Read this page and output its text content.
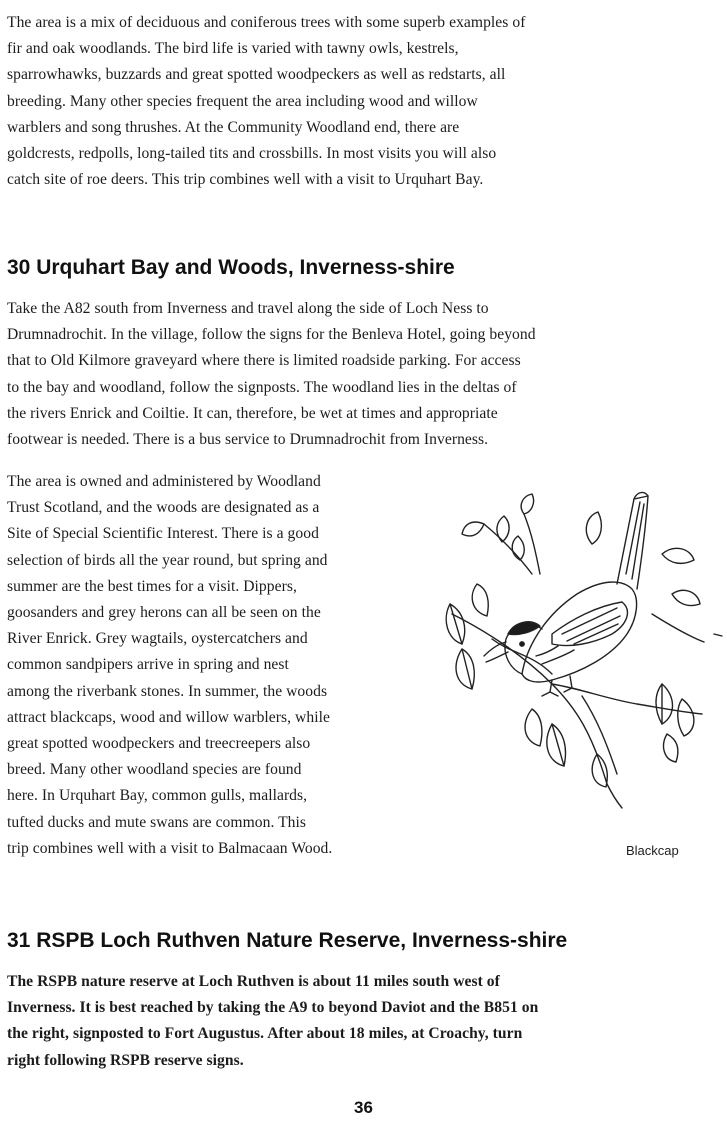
The area is a mix of deciduous and coniferous trees with some superb examples of
fir and oak woodlands. The bird life is varied with tawny owls, kestrels,
sparrowhawks, buzzards and great spotted woodpeckers as well as redstarts, all
breeding. Many other species frequent the area including wood and willow
warblers and song thrushes. At the Community Woodland end, there are
goldcrests, redpolls, long-tailed tits and crossbills. In most visits you will also
catch site of roe deers. This trip combines well with a visit to Urquhart Bay.

30 Urquhart Bay and Woods, Inverness-shire

Take the A82 south from Inverness and travel along the side of Loch Ness to
Drumnadrochit. In the village, follow the signs for the Benleva Hotel, going beyond
that to Old Kilmore graveyard where there is limited roadside parking. For access
to the bay and woodland, follow the signposts. The woodland lies in the deltas of
the rivers Enrick and Coiltie. It can, therefore, be wet at times and appropriate
footwear is needed. There is a bus service to Drumnadrochit from Inverness.

The area is owned and administered by Woodland
Trust Scotland, and the woods are designated as a
Site of Special Scientific Interest. There is a good
selection of birds all the year round, but spring and
summer are the best times for a visit. Dippers,
goosanders and grey herons can all be seen on the
River Enrick. Grey wagtails, oystercatchers and
common sandpipers arrive in spring and nest
among the riverbank stones. In summer, the woods
attract blackcaps, wood and willow warblers, while
great spotted woodpeckers and treecreepers also
breed. Many other woodland species are found
here. In Urquhart Bay, common gulls, mallards,
tufted ducks and mute swans are common. This
trip combines well with a visit to Balmacaan Wood.	Blackcap
31 RSPB Loch Ruthven Nature Reserve, Inverness-shire

The RSPB nature reserve at Loch Ruthven is about 11 miles south west of
Inverness. It is best reached by taking the A9 to beyond Daviot and the B851 on
the right, signposted to Fort Augustus. After about 18 miles, at Croachy, turn
right following RSPB reserve signs.

36
